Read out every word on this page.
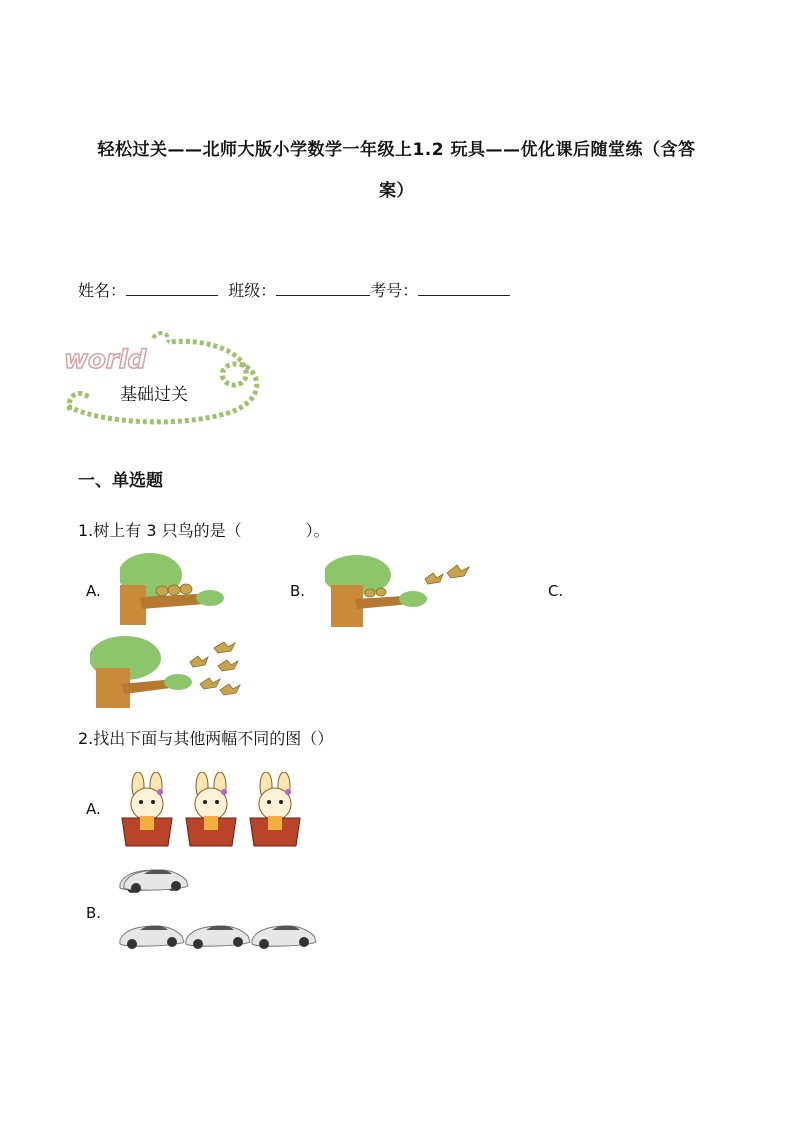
轻松过关——北师大版小学数学一年级上1.2 玩具——优化课后随堂练（含答
案）
姓名：	班级：	考号：
world
基础过关
一、单选题
1.树上有 3 只鸟的是（　　　　）。
A.	B.	C.
2.找出下面与其他两幅不同的图（）
A.
B.
